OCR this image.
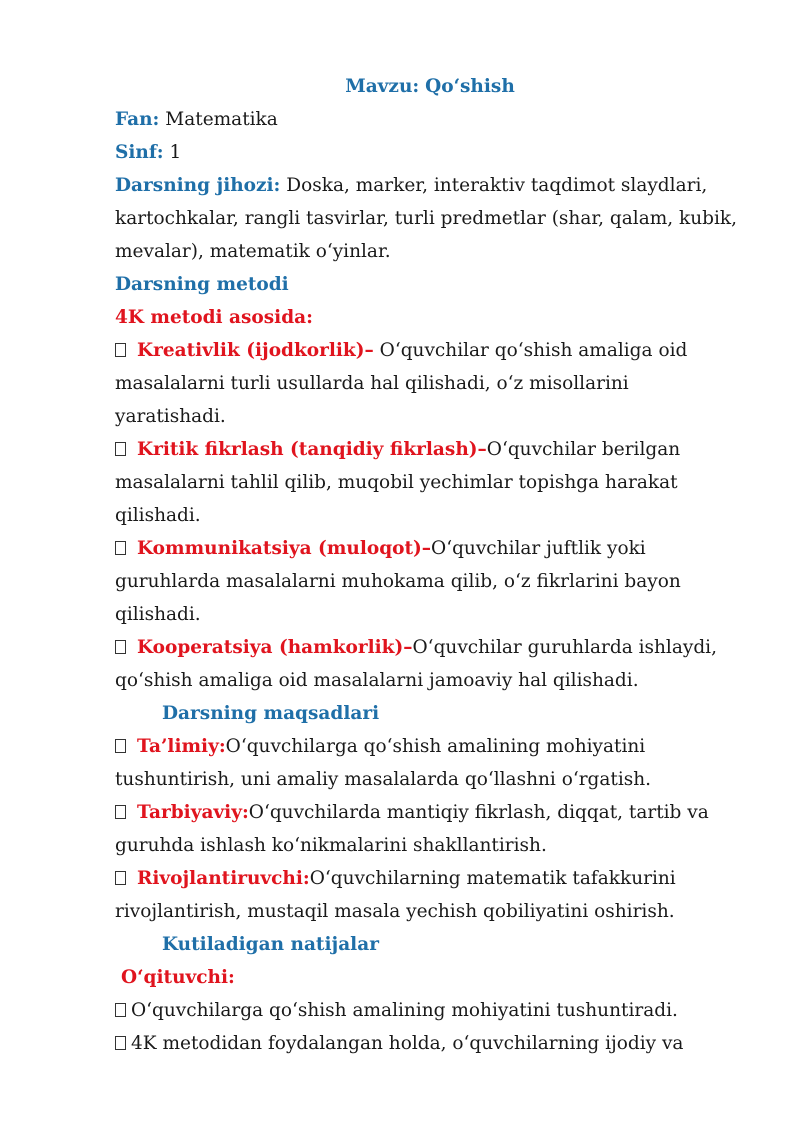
Mavzu: Qo‘shish

Fan: Matematika

Sinf: 1

Darsning jihozi: Doska, marker, interaktiv taqdimot slaydlari, kartochkalar, rangli tasvirlar, turli predmetlar (shar, qalam, kubik, mevalar), matematik o‘yinlar.

Darsning metodi

4K metodi asosida:

Kreativlik (ijodkorlik)– O‘quvchilar qo‘shish amaliga oid masalalarni turli usullarda hal qilishadi, o‘z misollarini yaratishadi.

Kritik fikrlash (tanqidiy fikrlash)–O‘quvchilar berilgan masalalarni tahlil qilib, muqobil yechimlar topishga harakat qilishadi.

Kommunikatsiya (muloqot)–O‘quvchilar juftlik yoki guruhlarda masalalarni muhokama qilib, o‘z fikrlarini bayon qilishadi.

Kooperatsiya (hamkorlik)–O‘quvchilar guruhlarda ishlaydi, qo‘shish amaliga oid masalalarni jamoaviy hal qilishadi.

Darsning maqsadlari

Ta’limiy:O‘quvchilarga qo‘shish amalining mohiyatini tushuntirish, uni amaliy masalalarda qo‘llashni o‘rgatish.

Tarbiyaviy:O‘quvchilarda mantiqiy fikrlash, diqqat, tartib va guruhda ishlash ko‘nikmalarini shakllantirish.

Rivojlantiruvchi:O‘quvchilarning matematik tafakkurini rivojlantirish, mustaqil masala yechish qobiliyatini oshirish.

Kutiladigan natijalar

O‘qituvchi:

O‘quvchilarga qo‘shish amalining mohiyatini tushuntiradi.

4K metodidan foydalangan holda, o‘quvchilarning ijodiy va
